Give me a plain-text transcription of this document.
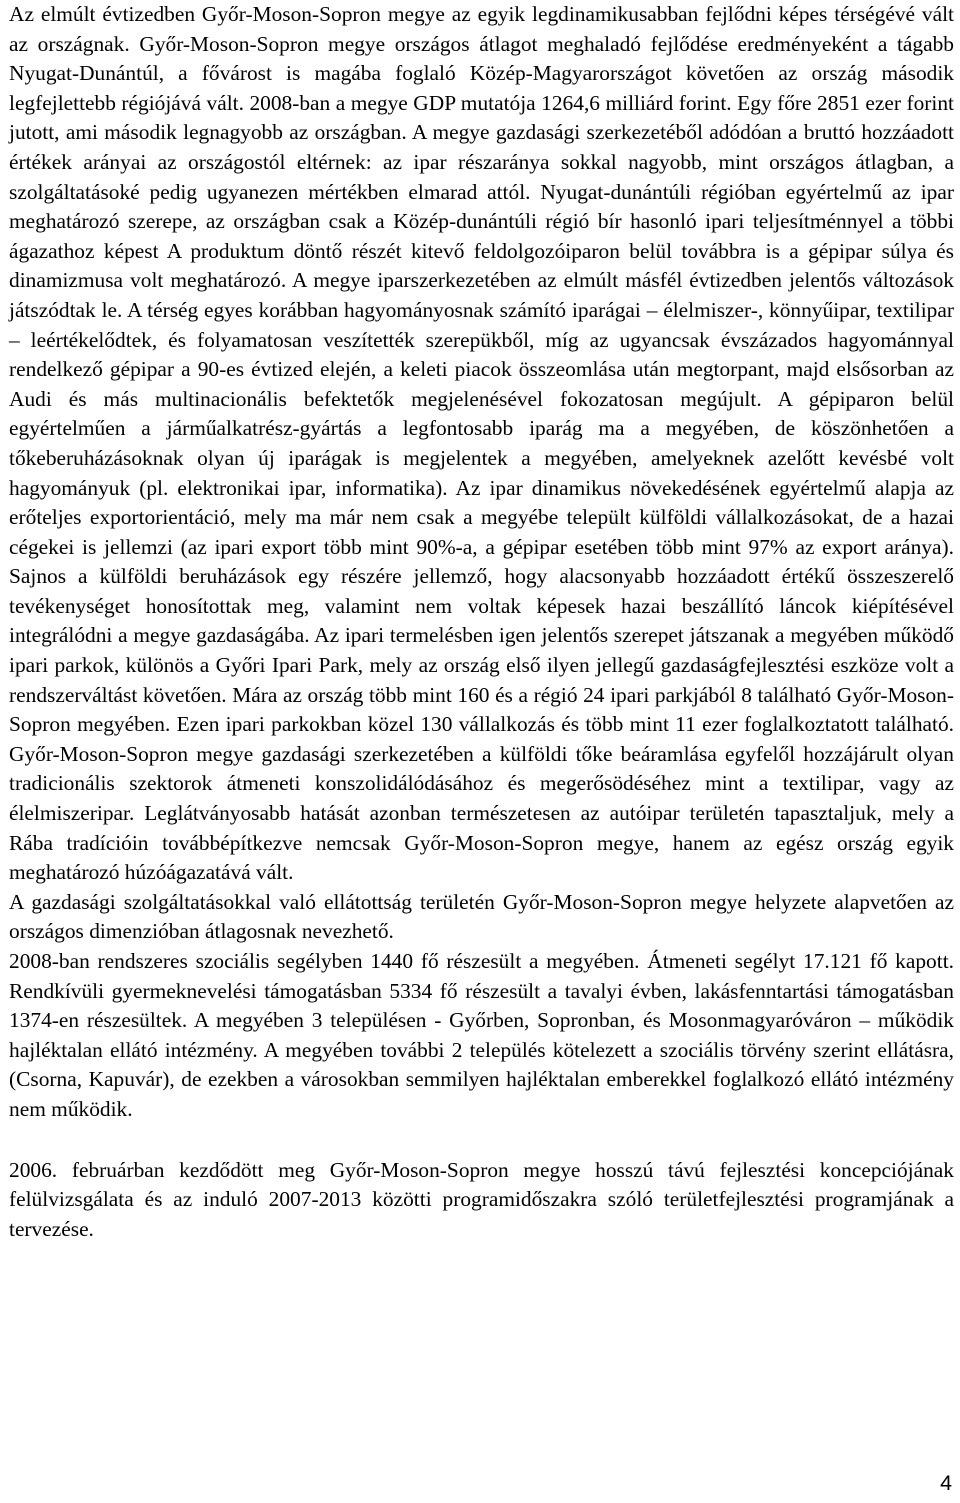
Az elmúlt évtizedben Győr-Moson-Sopron megye az egyik legdinamikusabban fejlődni képes térségévé vált az országnak. Győr-Moson-Sopron megye országos átlagot meghaladó fejlődése eredményeként a tágabb Nyugat-Dunántúl, a fővárost is magába foglaló Közép-Magyarországot követően az ország második legfejlettebb régiójává vált. 2008-ban a megye GDP mutatója 1264,6 milliárd forint. Egy főre 2851 ezer forint jutott, ami második legnagyobb az országban. A megye gazdasági szerkezetéből adódóan a bruttó hozzáadott értékek arányai az országostól eltérnek: az ipar részaránya sokkal nagyobb, mint országos átlagban, a szolgáltatásoké pedig ugyanezen mértékben elmarad attól. Nyugat-dunántúli régióban egyértelmű az ipar meghatározó szerepe, az országban csak a Közép-dunántúli régió bír hasonló ipari teljesítménnyel a többi ágazathoz képest A produktum döntő részét kitevő feldolgozóiparon belül továbbra is a gépipar súlya és dinamizmusa volt meghatározó. A megye iparszerkezetében az elmúlt másfél évtizedben jelentős változások játszódtak le. A térség egyes korábban hagyományosnak számító iparágai – élelmiszer-, könnyűipar, textilipar – leértékelődtek, és folyamatosan veszítették szerepükből, míg az ugyancsak évszázados hagyománnyal rendelkező gépipar a 90-es évtized elején, a keleti piacok összeomlása után megtorpant, majd elsősorban az Audi és más multinacionális befektetők megjelenésével fokozatosan megújult. A gépiparon belül egyértelműen a járműalkatrész-gyártás a legfontosabb iparág ma a megyében, de köszönhetően a tőkeberuházásoknak olyan új iparágak is megjelentek a megyében, amelyeknek azelőtt kevésbé volt hagyományuk (pl. elektronikai ipar, informatika). Az ipar dinamikus növekedésének egyértelmű alapja az erőteljes exportorientáció, mely ma már nem csak a megyébe települt külföldi vállalkozásokat, de a hazai cégekei is jellemzi (az ipari export több mint 90%-a, a gépipar esetében több mint 97% az export aránya). Sajnos a külföldi beruházások egy részére jellemző, hogy alacsonyabb hozzáadott értékű összeszerelő tevékenységet honosítottak meg, valamint nem voltak képesek hazai beszállító láncok kiépítésével integrálódni a megye gazdaságába. Az ipari termelésben igen jelentős szerepet játszanak a megyében működő ipari parkok, különös a Győri Ipari Park, mely az ország első ilyen jellegű gazdaságfejlesztési eszköze volt a rendszerváltást követően. Mára az ország több mint 160 és a régió 24 ipari parkjából 8 található Győr-Moson-Sopron megyében. Ezen ipari parkokban közel 130 vállalkozás és több mint 11 ezer foglalkoztatott található. Győr-Moson-Sopron megye gazdasági szerkezetében a külföldi tőke beáramlása egyfelől hozzájárult olyan tradicionális szektorok átmeneti konszolidálódásához és megerősödéséhez mint a textilipar, vagy az élelmiszeripar. Leglátványosabb hatását azonban természetesen az autóipar területén tapasztaljuk, mely a Rába tradícióin továbbépítkezve nemcsak Győr-Moson-Sopron megye, hanem az egész ország egyik meghatározó húzóágazatává vált.

A gazdasági szolgáltatásokkal való ellátottság területén Győr-Moson-Sopron megye helyzete alapvetően az országos dimenzióban átlagosnak nevezhető.

2008-ban rendszeres szociális segélyben 1440 fő részesült a megyében. Átmeneti segélyt 17.121 fő kapott. Rendkívüli gyermeknevelési támogatásban 5334 fő részesült a tavalyi évben, lakásfenntartási támogatásban 1374-en részesültek. A megyében 3 településen - Győrben, Sopronban, és Mosonmagyaróváron – működik hajléktalan ellátó intézmény. A megyében további 2 település kötelezett a szociális törvény szerint ellátásra, (Csorna, Kapuvár), de ezekben a városokban semmilyen hajléktalan emberekkel foglalkozó ellátó intézmény nem működik.

2006. februárban kezdődött meg Győr-Moson-Sopron megye hosszú távú fejlesztési koncepciójának felülvizsgálata és az induló 2007-2013 közötti programidőszakra szóló területfejlesztési programjának a tervezése.

4
